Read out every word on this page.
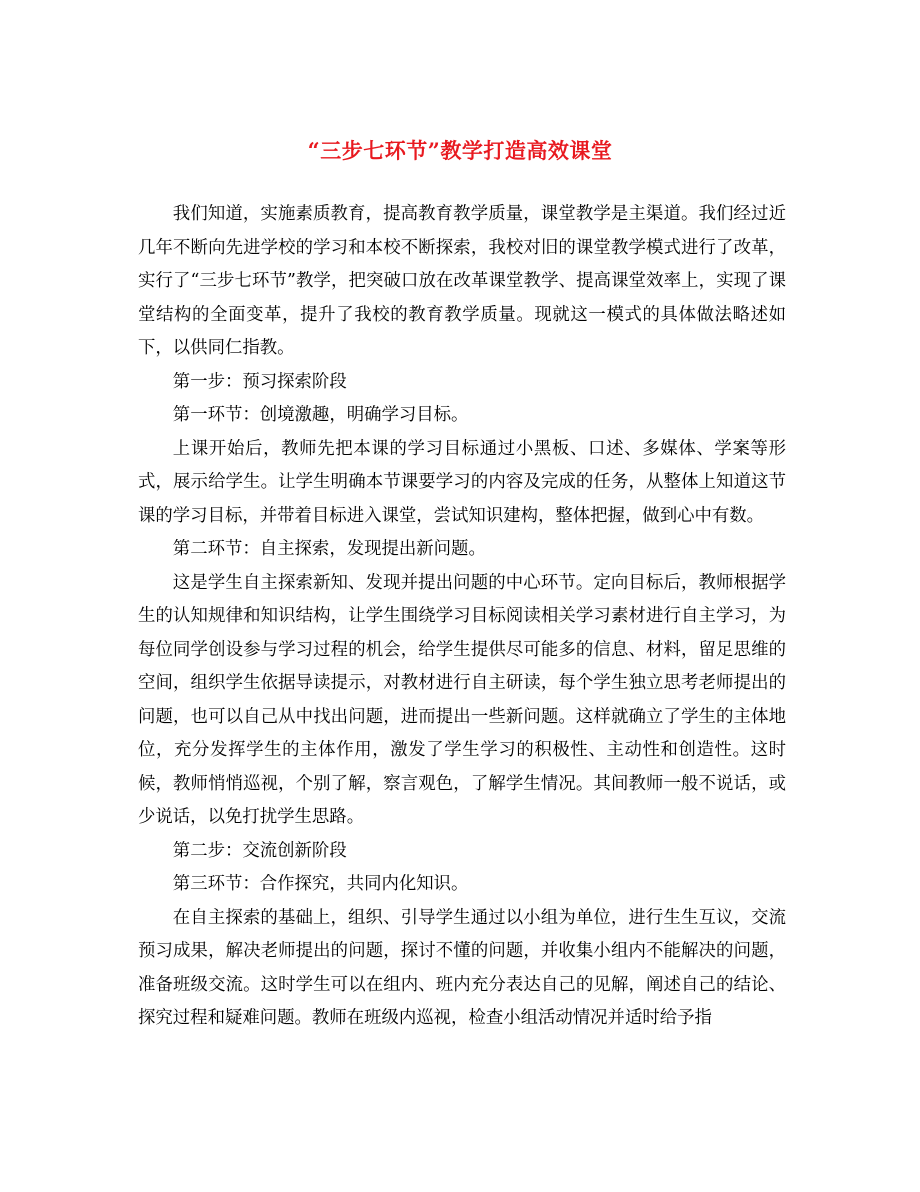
“三步七环节”教学打造高效课堂

我们知道，实施素质教育，提高教育教学质量，课堂教学是主渠道。我们经过近几年不断向先进学校的学习和本校不断探索，我校对旧的课堂教学模式进行了改革，实行了“三步七环节”教学，把突破口放在改革课堂教学、提高课堂效率上，实现了课堂结构的全面变革，提升了我校的教育教学质量。现就这一模式的具体做法略述如下，以供同仁指教。

第一步：预习探索阶段

第一环节：创境激趣，明确学习目标。

上课开始后，教师先把本课的学习目标通过小黑板、口述、多媒体、学案等形式，展示给学生。让学生明确本节课要学习的内容及完成的任务，从整体上知道这节课的学习目标，并带着目标进入课堂，尝试知识建构，整体把握，做到心中有数。

第二环节：自主探索，发现提出新问题。

这是学生自主探索新知、发现并提出问题的中心环节。定向目标后，教师根据学生的认知规律和知识结构，让学生围绕学习目标阅读相关学习素材进行自主学习，为每位同学创设参与学习过程的机会，给学生提供尽可能多的信息、材料，留足思维的空间，组织学生依据导读提示，对教材进行自主研读，每个学生独立思考老师提出的问题，也可以自己从中找出问题，进而提出一些新问题。这样就确立了学生的主体地位，充分发挥学生的主体作用，激发了学生学习的积极性、主动性和创造性。这时候，教师悄悄巡视，个别了解，察言观色，了解学生情况。其间教师一般不说话，或少说话，以免打扰学生思路。

第二步：交流创新阶段

第三环节：合作探究，共同内化知识。

在自主探索的基础上，组织、引导学生通过以小组为单位，进行生生互议，交流预习成果，解决老师提出的问题，探讨不懂的问题，并收集小组内不能解决的问题，准备班级交流。这时学生可以在组内、班内充分表达自己的见解，阐述自己的结论、探究过程和疑难问题。教师在班级内巡视，检查小组活动情况并适时给予指
